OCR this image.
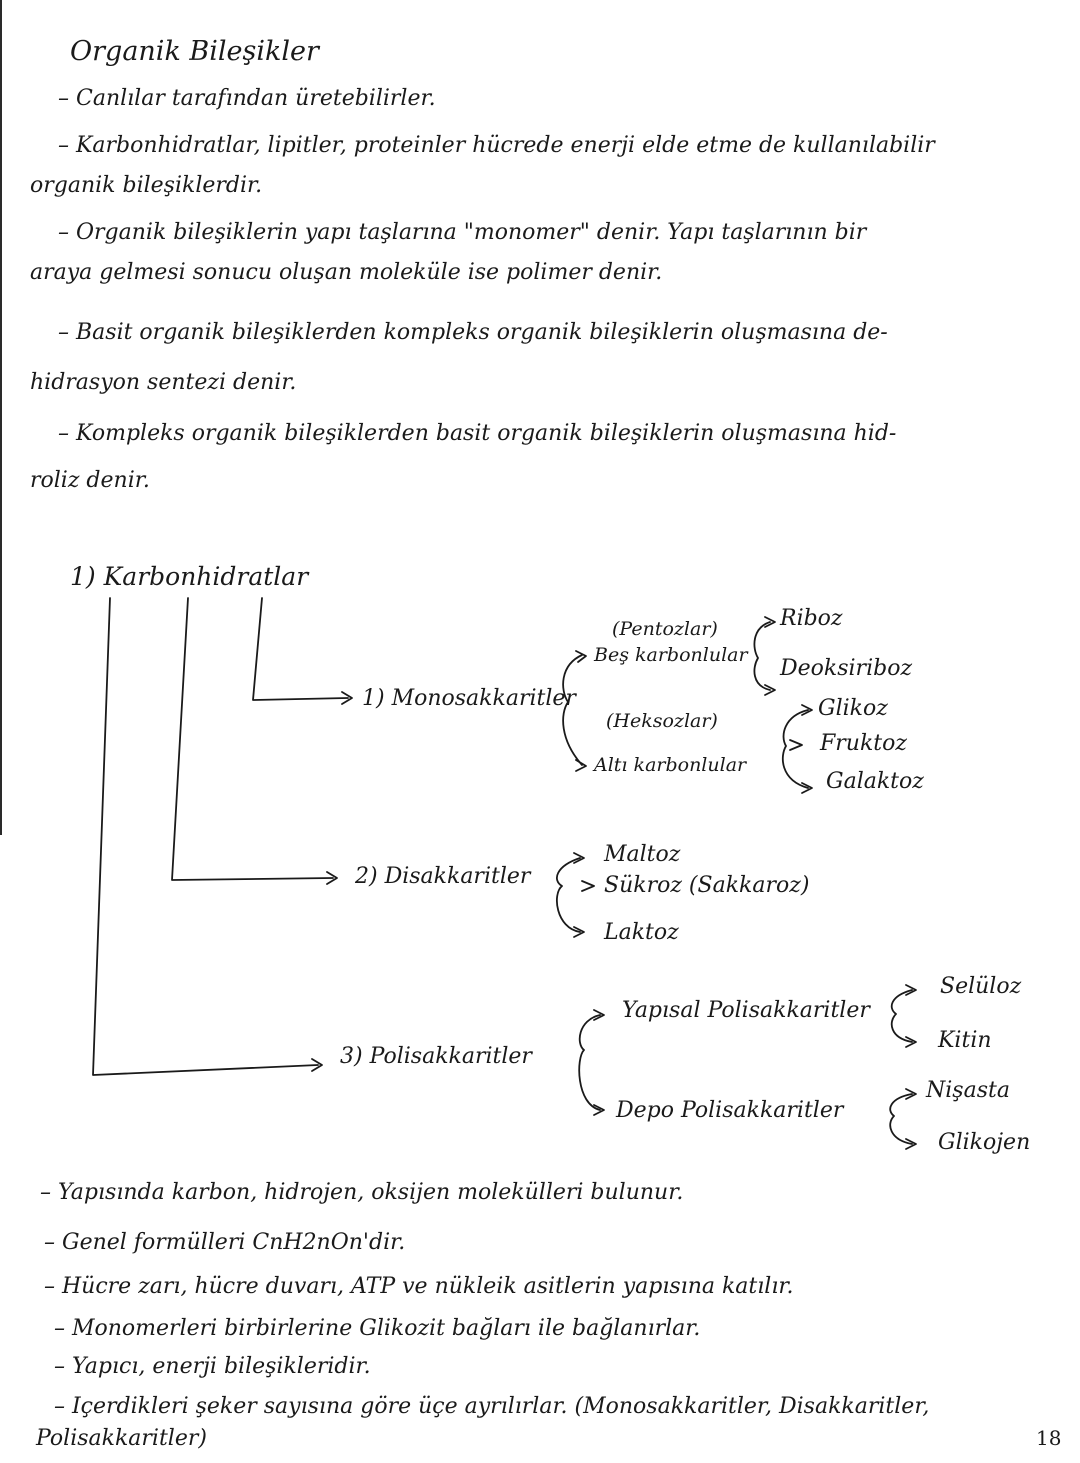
Organik Bileşikler
– Canlılar tarafından üretebilirler.
– Karbonhidratlar, lipitler, proteinler hücrede enerji elde etme de kullanılabilir
organik bileşiklerdir.
– Organik bileşiklerin yapı taşlarına "monomer" denir. Yapı taşlarının bir
araya gelmesi sonucu oluşan moleküle ise polimer denir.
– Basit organik bileşiklerden kompleks organik bileşiklerin oluşmasına de-
hidrasyon sentezi denir.
– Kompleks organik bileşiklerden basit organik bileşiklerin oluşmasına hid-
roliz denir.
1) Karbonhidratlar
1) Monosakkaritler
(Pentozlar)
Beş karbonlular
Riboz
Deoksiriboz
(Heksozlar)
Altı karbonlular
Glikoz
Fruktoz
Galaktoz
2) Disakkaritler
Maltoz
Sükroz (Sakkaroz)
Laktoz
3) Polisakkaritler
Yapısal Polisakkaritler
Selüloz
Kitin
Depo Polisakkaritler
Nişasta
Glikojen
– Yapısında karbon, hidrojen, oksijen molekülleri bulunur.
– Genel formülleri CnH2nOn'dir.
– Hücre zarı, hücre duvarı, ATP ve nükleik asitlerin yapısına katılır.
– Monomerleri birbirlerine Glikozit bağları ile bağlanırlar.
– Yapıcı, enerji bileşikleridir.
– Içerdikleri şeker sayısına göre üçe ayrılırlar. (Monosakkaritler, Disakkaritler,
Polisakkaritler)	18
